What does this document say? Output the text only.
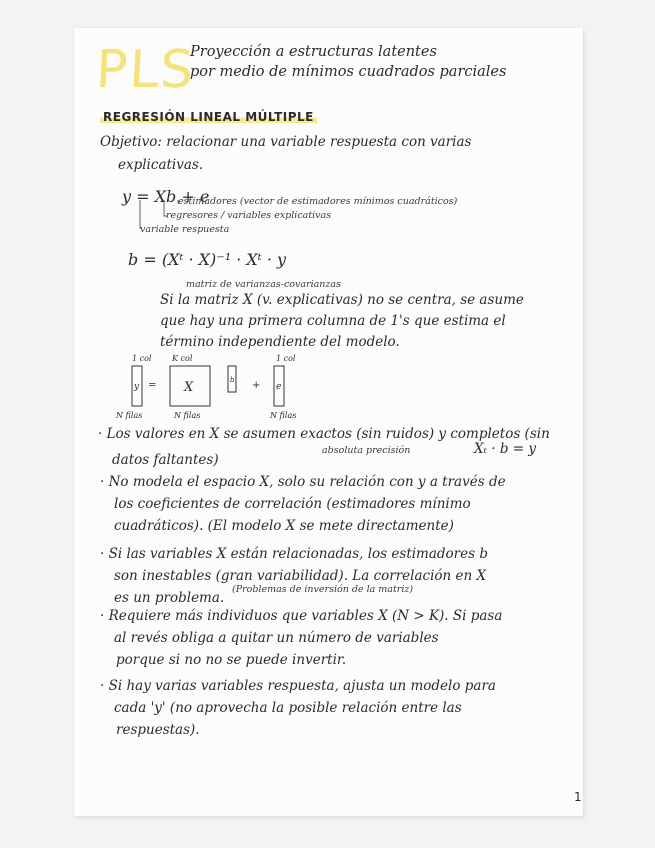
PLS

Proyección a estructuras latentes

por medio de mínimos cuadrados parciales

REGRESIÓN LINEAL MÚLTIPLE

Objetivo: relacionar una variable respuesta con varias

explicativas.

y = Xb + e

estimadores (vector de estimadores mínimos cuadráticos)

regresores / variables explicativas

variable respuesta

b = (Xᵗ · X)⁻¹ · Xᵗ · y

matriz de varianzas-covarianzas

Si la matriz X (v. explicativas) no se centra, se asume

que hay una primera columna de 1's que estima el

término independiente del modelo.

1 col
y =
K col
X	b +
1 col
e
N filas	N filas	N filas

· Los valores en X se asumen exactos (sin ruidos) y completos (sin

absoluta precisión	Xₜ · b = y

datos faltantes)

· No modela el espacio X, solo su relación con y a través de

los coeficientes de correlación (estimadores mínimo

cuadráticos). (El modelo X se mete directamente)

· Si las variables X están relacionadas, los estimadores b

son inestables (gran variabilidad). La correlación en X

es un problema.

(Problemas de inversión de la matriz)

· Requiere más individuos que variables X (N > K). Si pasa

al revés obliga a quitar un número de variables

porque si no no se puede invertir.

· Si hay varias variables respuesta, ajusta un modelo para

cada 'y' (no aprovecha la posible relación entre las

respuestas).

1
